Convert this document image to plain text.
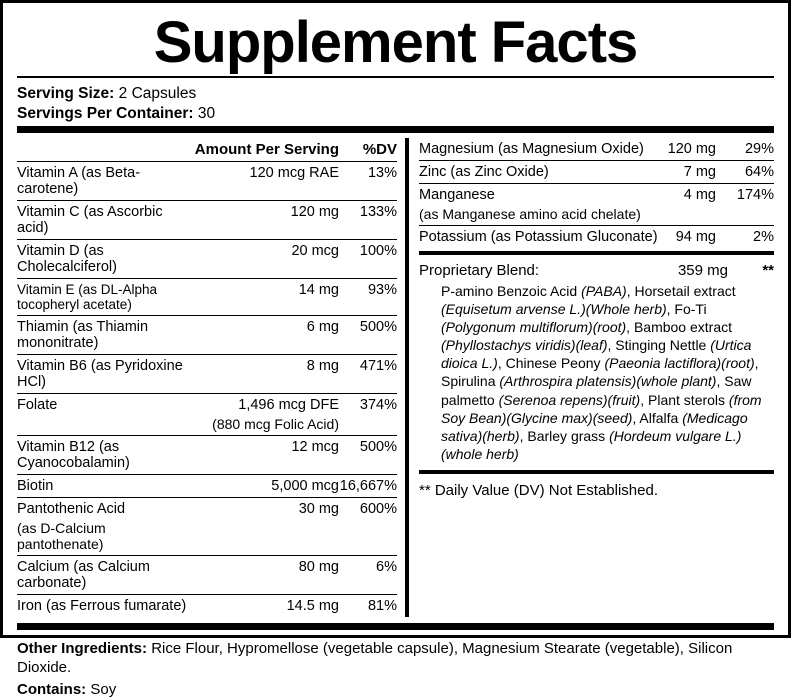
Supplement Facts
Serving Size: 2 Capsules
Servings Per Container: 30
	Amount Per Serving	%DV
Vitamin A (as Beta-carotene)	120 mcg RAE	13%
Vitamin C (as Ascorbic acid)	120 mg	133%
Vitamin D (as Cholecalciferol)	20 mcg	100%
Vitamin E (as DL-Alpha tocopheryl acetate)	14 mg	93%
Thiamin (as Thiamin mononitrate)	6 mg	500%
Vitamin B6 (as Pyridoxine HCl)	8 mg	471%
Folate	1,496 mcg DFE	374%
	(880 mcg Folic Acid)	
Vitamin B12 (as Cyanocobalamin)	12 mcg	500%
Biotin	5,000 mcg	16,667%
Pantothenic Acid	30 mg	600%
(as D-Calcium pantothenate)		
Calcium (as Calcium carbonate)	80 mg	6%
Iron (as Ferrous fumarate)	14.5 mg	81%
Magnesium (as Magnesium Oxide)	120 mg	29%
Zinc (as Zinc Oxide)	7 mg	64%
Manganese	4 mg	174%
(as Manganese amino acid chelate)		
Potassium (as Potassium Gluconate)	94 mg	2%
Proprietary Blend:	359 mg	**
P-amino Benzoic Acid (PABA), Horsetail extract (Equisetum arvense L.)(Whole herb), Fo-Ti (Polygonum multiflorum)(root), Bamboo extract (Phyllostachys viridis)(leaf), Stinging Nettle (Urtica dioica L.), Chinese Peony (Paeonia lactiflora)(root), Spirulina (Arthrospira platensis)(whole plant), Saw palmetto (Serenoa repens)(fruit), Plant sterols (from Soy Bean)(Glycine max)(seed), Alfalfa (Medicago sativa)(herb), Barley grass (Hordeum vulgare L.)(whole herb)
** Daily Value (DV) Not Established.
Other Ingredients: Rice Flour, Hypromellose (vegetable capsule), Magnesium Stearate (vegetable), Silicon Dioxide.
Contains: Soy
